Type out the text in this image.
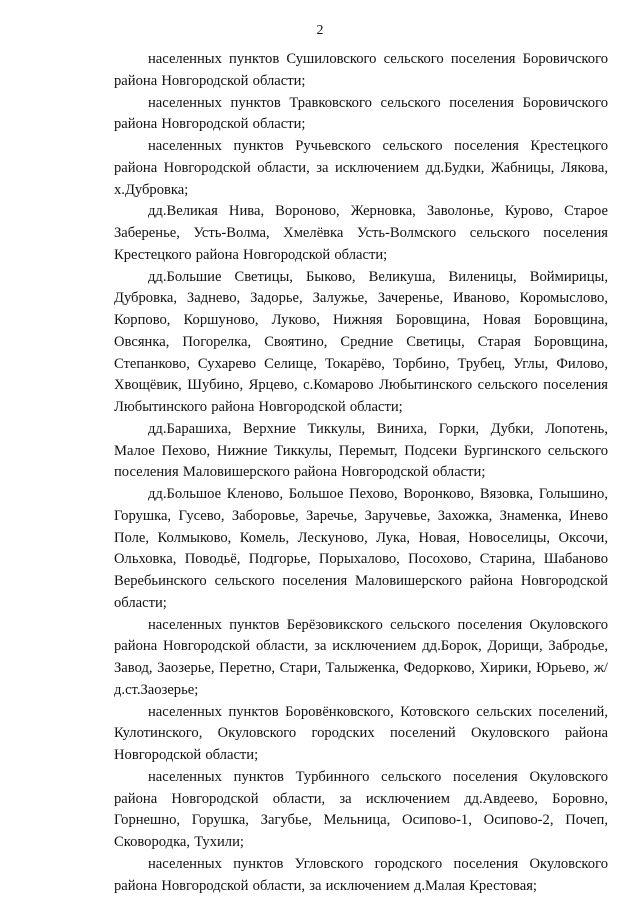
2

населенных пунктов Сушиловского сельского поселения Боровичского района Новгородской области;

населенных пунктов Травковского сельского поселения Боровичского района Новгородской области;

населенных пунктов Ручьевского сельского поселения Крестецкого района Новгородской области, за исключением дд.Будки, Жабницы, Лякова, х.Дубровка;

дд.Великая Нива, Вороново, Жерновка, Заволонье, Курово, Старое Заберенье, Усть-Волма, Хмелёвка Усть-Волмского сельского поселения Крестецкого района Новгородской области;

дд.Большие Светицы, Быково, Великуша, Виленицы, Воймирицы, Дубровка, Заднево, Задорье, Залужье, Зачеренье, Иваново, Коромыслово, Корпово, Коршуново, Луково, Нижняя Боровщина, Новая Боровщина, Овсянка, Погорелка, Своятино, Средние Светицы, Старая Боровщина, Степанково, Сухарево Селище, Токарёво, Торбино, Трубец, Углы, Филово, Хвощёвик, Шубино, Ярцево, с.Комарово Любытинского сельского поселения Любытинского района Новгородской области;

дд.Барашиха, Верхние Тиккулы, Виниха, Горки, Дубки, Лопотень, Малое Пехово, Нижние Тиккулы, Перемыт, Подсеки Бургинского сельского поселения Маловишерского района Новгородской области;

дд.Большое Кленово, Большое Пехово, Воронково, Вязовка, Голышино, Горушка, Гусево, Заборовье, Заречье, Заручевье, Захожка, Знаменка, Инево Поле, Колмыково, Комель, Лескуново, Лука, Новая, Новоселицы, Оксочи, Ольховка, Поводьё, Подгорье, Порыхалово, Посохово, Старина, Шабаново Веребьинского сельского поселения Маловишерского района Новгородской области;

населенных пунктов Берёзовикского сельского поселения Окуловского района Новгородской области, за исключением дд.Борок, Дорищи, Забродье, Завод, Заозерье, Перетно, Стари, Талыженка, Федорково, Хирики, Юрьево, ж/д.ст.Заозерье;

населенных пунктов Боровёнковского, Котовского сельских поселений, Кулотинского, Окуловского городских поселений Окуловского района Новгородской области;

населенных пунктов Турбинного сельского поселения Окуловского района Новгородской области, за исключением дд.Авдеево, Боровно, Горнешно, Горушка, Загубье, Мельница, Осипово-1, Осипово-2, Почеп, Сковородка, Тухили;

населенных пунктов Угловского городского поселения Окуловского района Новгородской области, за исключением д.Малая Крестовая;
